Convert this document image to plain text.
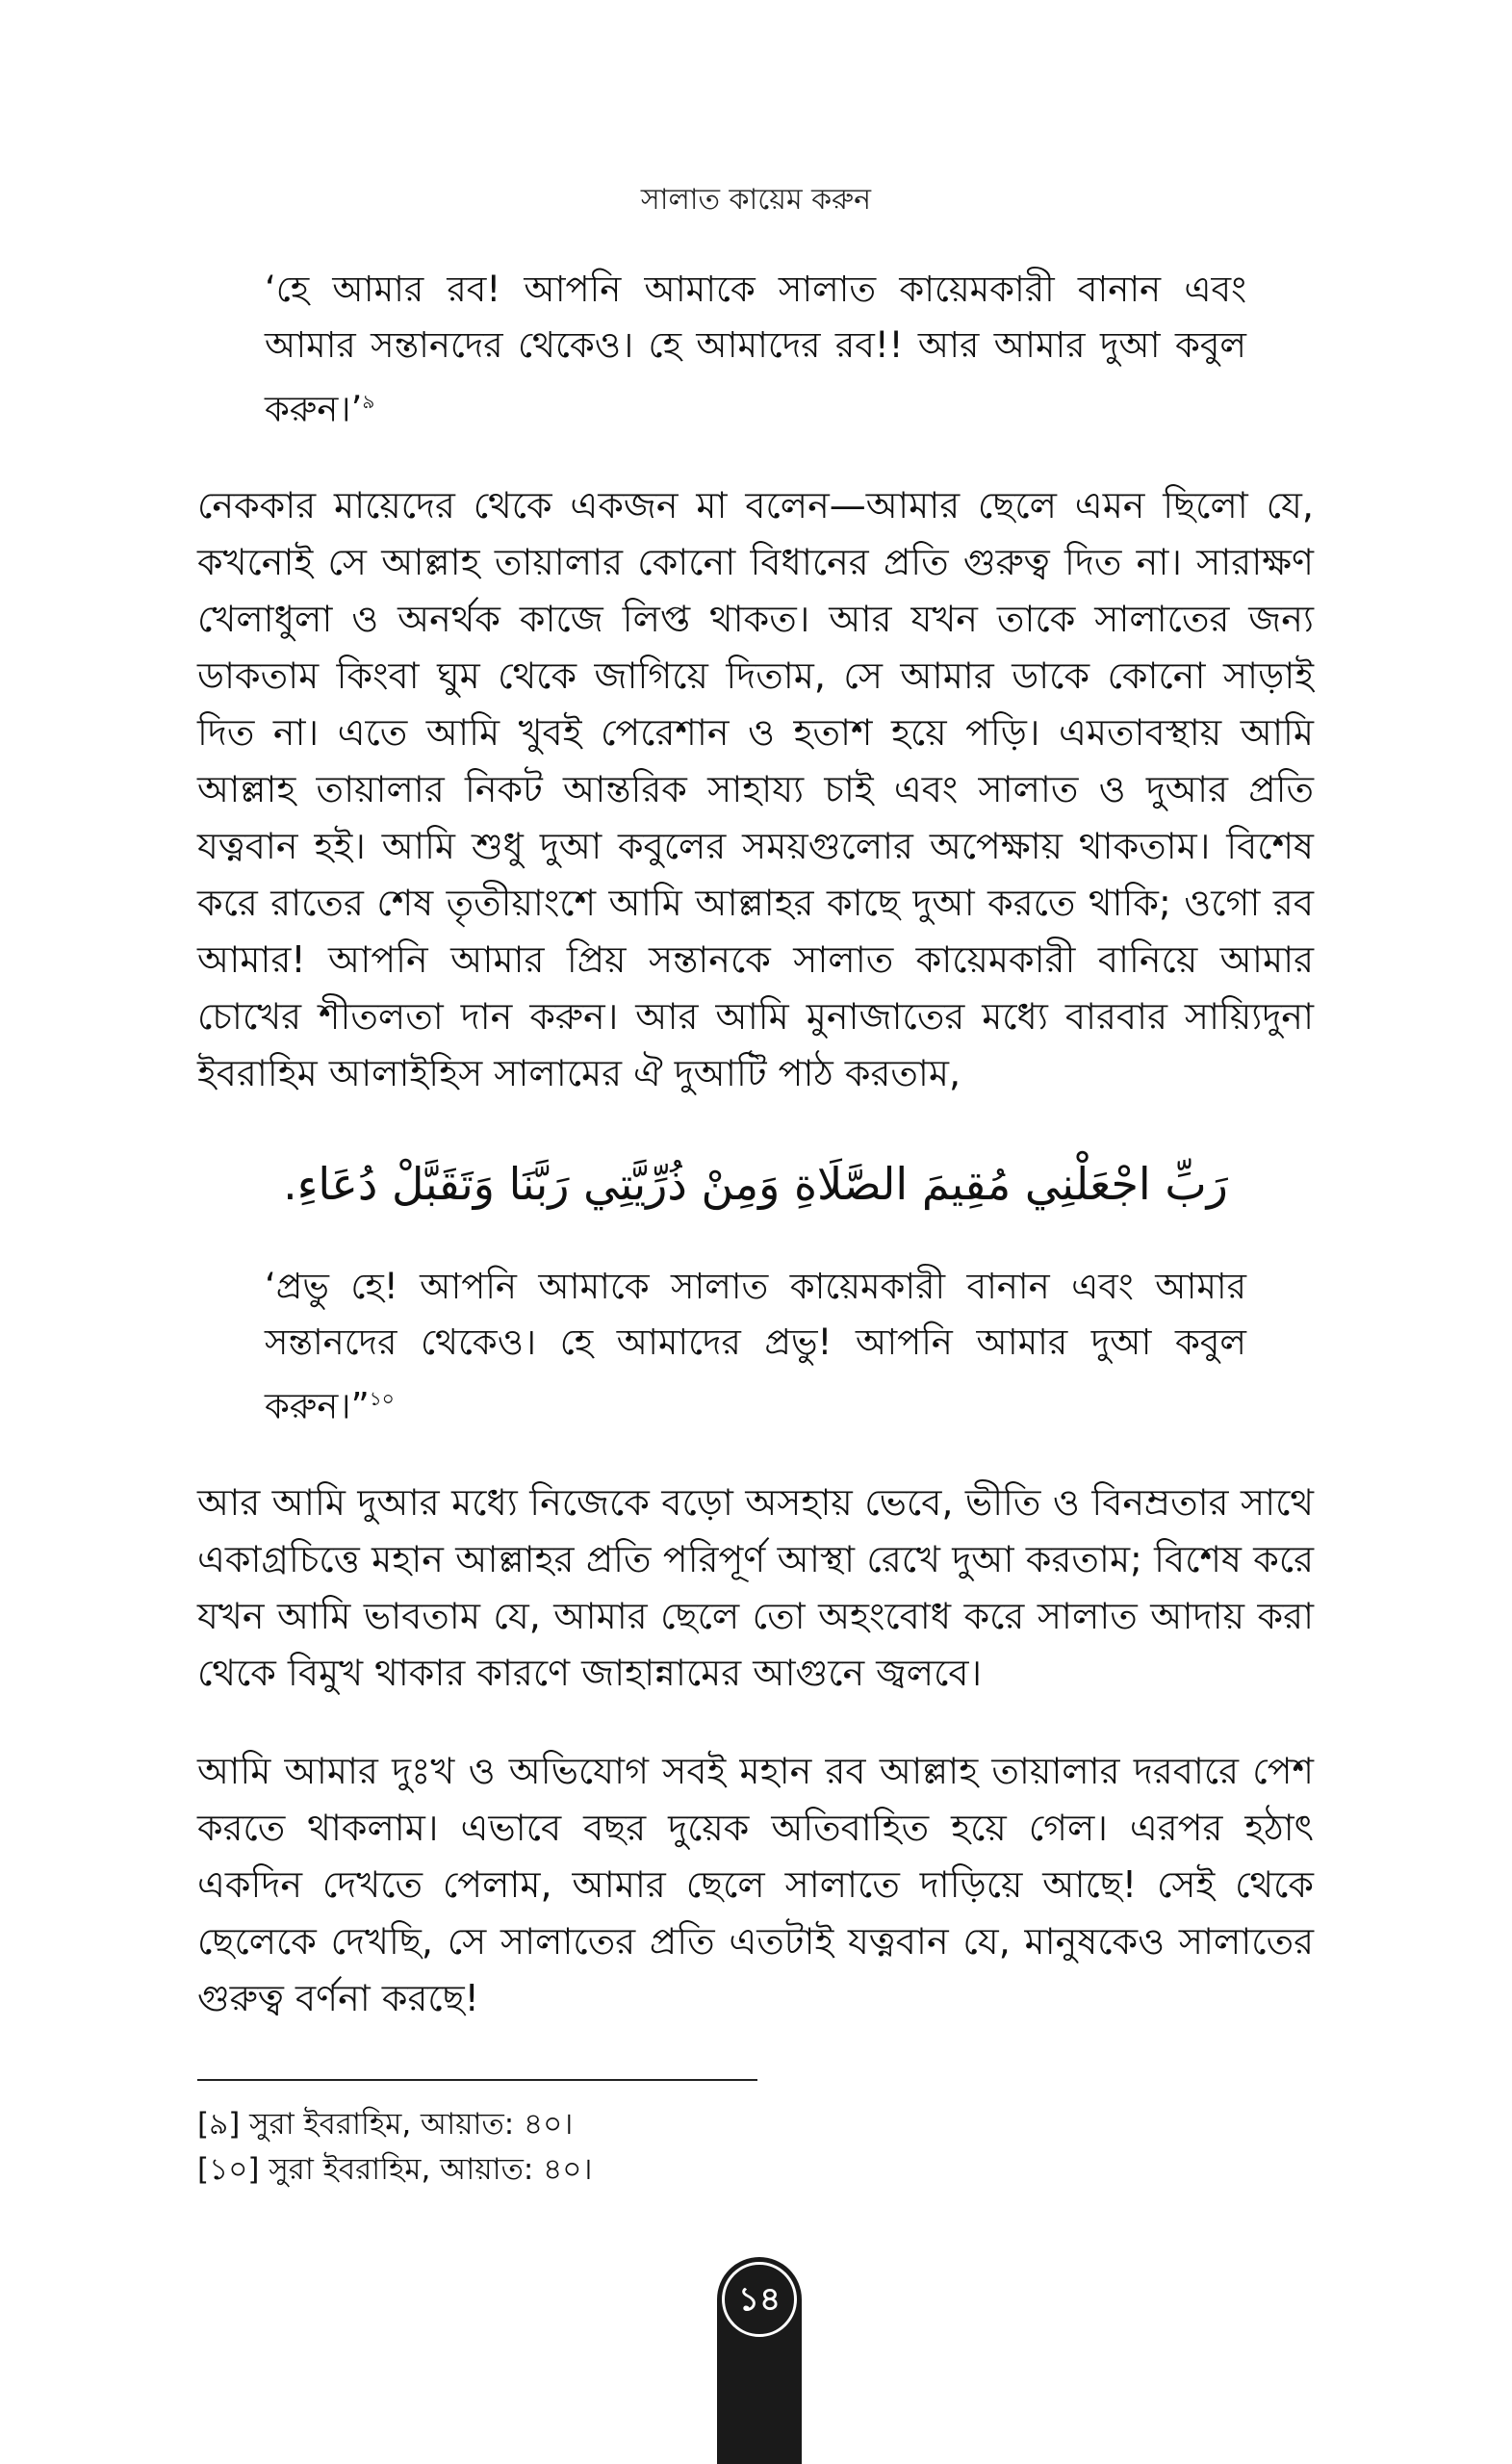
সালাত কায়েম করুন
‘হে আমার রব! আপনি আমাকে সালাত কায়েমকারী বানান এবং আমার সন্তানদের থেকেও। হে আমাদের রব!! আর আমার দুআ কবুল করুন।’$^৯$
নেককার মায়েদের থেকে একজন মা বলেন—আমার ছেলে এমন ছিলো যে, কখনোই সে আল্লাহ তায়ালার কোনো বিধানের প্রতি গুরুত্ব দিত না। সারাক্ষণ খেলাধুলা ও অনর্থক কাজে লিপ্ত থাকত। আর যখন তাকে সালাতের জন্য ডাকতাম কিংবা ঘুম থেকে জাগিয়ে দিতাম, সে আমার ডাকে কোনো সাড়াই দিত না। এতে আমি খুবই পেরেশান ও হতাশ হয়ে পড়ি। এমতাবস্থায় আমি আল্লাহ তায়ালার নিকট আন্তরিক সাহায্য চাই এবং সালাত ও দুআর প্রতি যত্নবান হই। আমি শুধু দুআ কবুলের সময়গুলোর অপেক্ষায় থাকতাম। বিশেষ করে রাতের শেষ তৃতীয়াংশে আমি আল্লাহর কাছে দুআ করতে থাকি; ওগো রব আমার! আপনি আমার প্রিয় সন্তানকে সালাত কায়েমকারী বানিয়ে আমার চোখের শীতলতা দান করুন। আর আমি মুনাজাতের মধ্যে বারবার সায়্যিদুনা ইবরাহিম আলাইহিস সালামের ঐ দুআটি পাঠ করতাম,
رَبِّ اجْعَلْنِي مُقِيمَ الصَّلَاةِ وَمِنْ ذُرِّيَّتِي رَبَّنَا وَتَقَبَّلْ دُعَاءِ.
‘প্রভু হে! আপনি আমাকে সালাত কায়েমকারী বানান এবং আমার সন্তানদের থেকেও। হে আমাদের প্রভু! আপনি আমার দুআ কবুল করুন।”$^{১০}$
আর আমি দুআর মধ্যে নিজেকে বড়ো অসহায় ভেবে, ভীতি ও বিনম্রতার সাথে একাগ্রচিত্তে মহান আল্লাহর প্রতি পরিপূর্ণ আস্থা রেখে দুআ করতাম; বিশেষ করে যখন আমি ভাবতাম যে, আমার ছেলে তো অহংবোধ করে সালাত আদায় করা থেকে বিমুখ থাকার কারণে জাহান্নামের আগুনে জ্বলবে।
আমি আমার দুঃখ ও অভিযোগ সবই মহান রব আল্লাহ তায়ালার দরবারে পেশ করতে থাকলাম। এভাবে বছর দুয়েক অতিবাহিত হয়ে গেল। এরপর হঠাৎ একদিন দেখতে পেলাম, আমার ছেলে সালাতে দাড়িয়ে আছে! সেই থেকে ছেলেকে দেখছি, সে সালাতের প্রতি এতটাই যত্নবান যে, মানুষকেও সালাতের গুরুত্ব বর্ণনা করছে!
[৯] সুরা ইবরাহিম, আয়াত: ৪০।
[১০] সুরা ইবরাহিম, আয়াত: ৪০।
১৪
